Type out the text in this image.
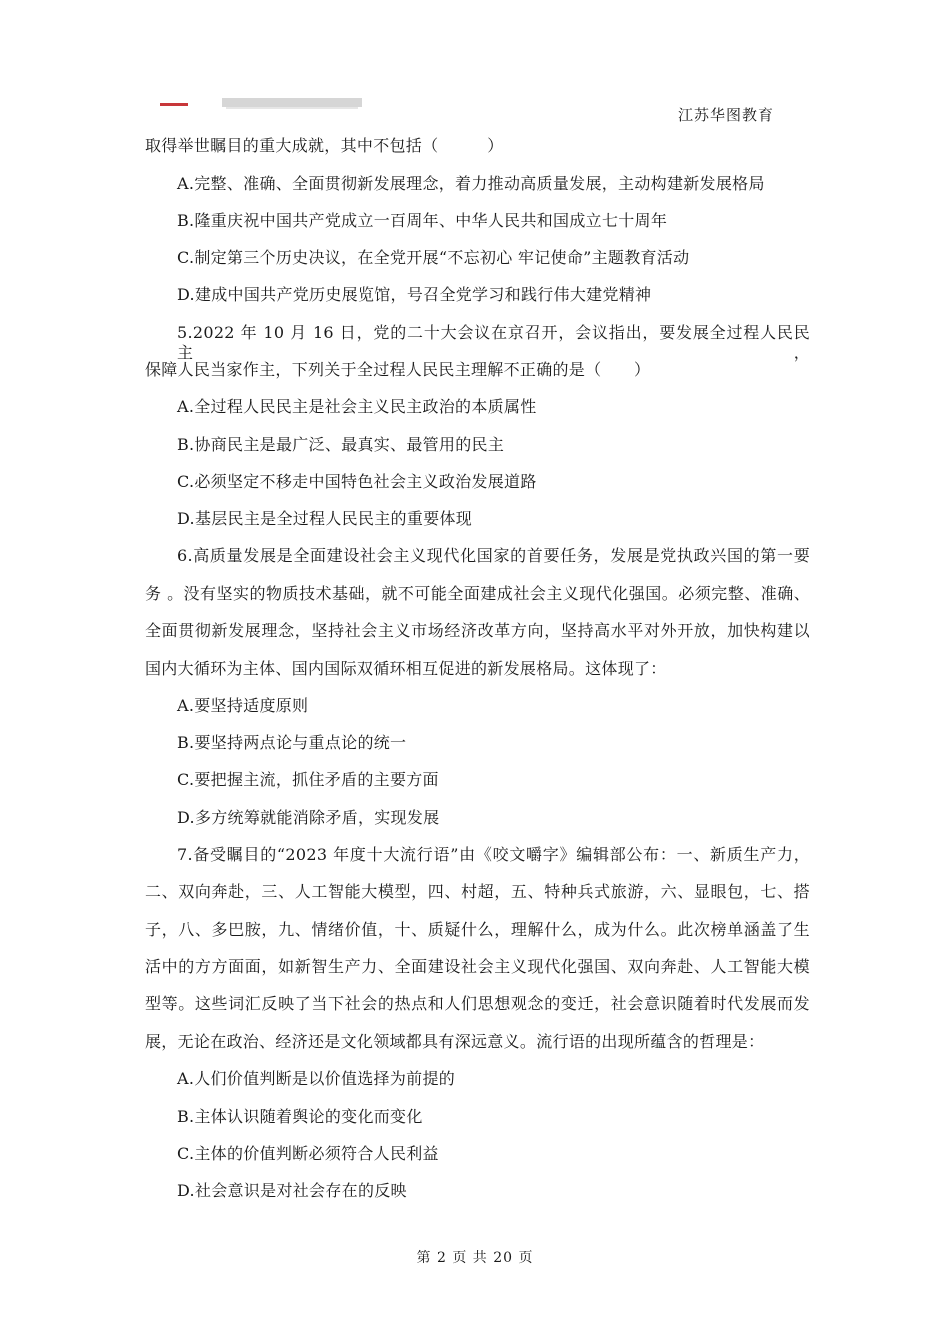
江苏华图教育
取得举世瞩目的重大成就，其中不包括（　　　）
A.完整、准确、全面贯彻新发展理念，着力推动高质量发展，主动构建新发展格局
B.隆重庆祝中国共产党成立一百周年、中华人民共和国成立七十周年
C.制定第三个历史决议，在全党开展“不忘初心 牢记使命”主题教育活动
D.建成中国共产党历史展览馆，号召全党学习和践行伟大建党精神
5.2022 年 10 月 16 日，党的二十大会议在京召开，会议指出，要发展全过程人民民主，
保障人民当家作主，下列关于全过程人民民主理解不正确的是（　　）
A.全过程人民民主是社会主义民主政治的本质属性
B.协商民主是最广泛、最真实、最管用的民主
C.必须坚定不移走中国特色社会主义政治发展道路
D.基层民主是全过程人民民主的重要体现
6.高质量发展是全面建设社会主义现代化国家的首要任务，发展是党执政兴国的第一要
务 。没有坚实的物质技术基础，就不可能全面建成社会主义现代化强国。必须完整、准确、
全面贯彻新发展理念，坚持社会主义市场经济改革方向，坚持高水平对外开放，加快构建以
国内大循环为主体、国内国际双循环相互促进的新发展格局。这体现了：
A.要坚持适度原则
B.要坚持两点论与重点论的统一
C.要把握主流，抓住矛盾的主要方面
D.多方统筹就能消除矛盾，实现发展
7.备受瞩目的“2023 年度十大流行语”由《咬文嚼字》编辑部公布：一、新质生产力，
二、双向奔赴，三、人工智能大模型，四、村超，五、特种兵式旅游，六、显眼包，七、搭
子，八、多巴胺，九、情绪价值，十、质疑什么，理解什么，成为什么。此次榜单涵盖了生
活中的方方面面，如新智生产力、全面建设社会主义现代化强国、双向奔赴、人工智能大模
型等。这些词汇反映了当下社会的热点和人们思想观念的变迁，社会意识随着时代发展而发
展，无论在政治、经济还是文化领域都具有深远意义。流行语的出现所蕴含的哲理是：
A.人们价值判断是以价值选择为前提的
B.主体认识随着舆论的变化而变化
C.主体的价值判断必须符合人民利益
D.社会意识是对社会存在的反映
第 2 页 共 20 页
